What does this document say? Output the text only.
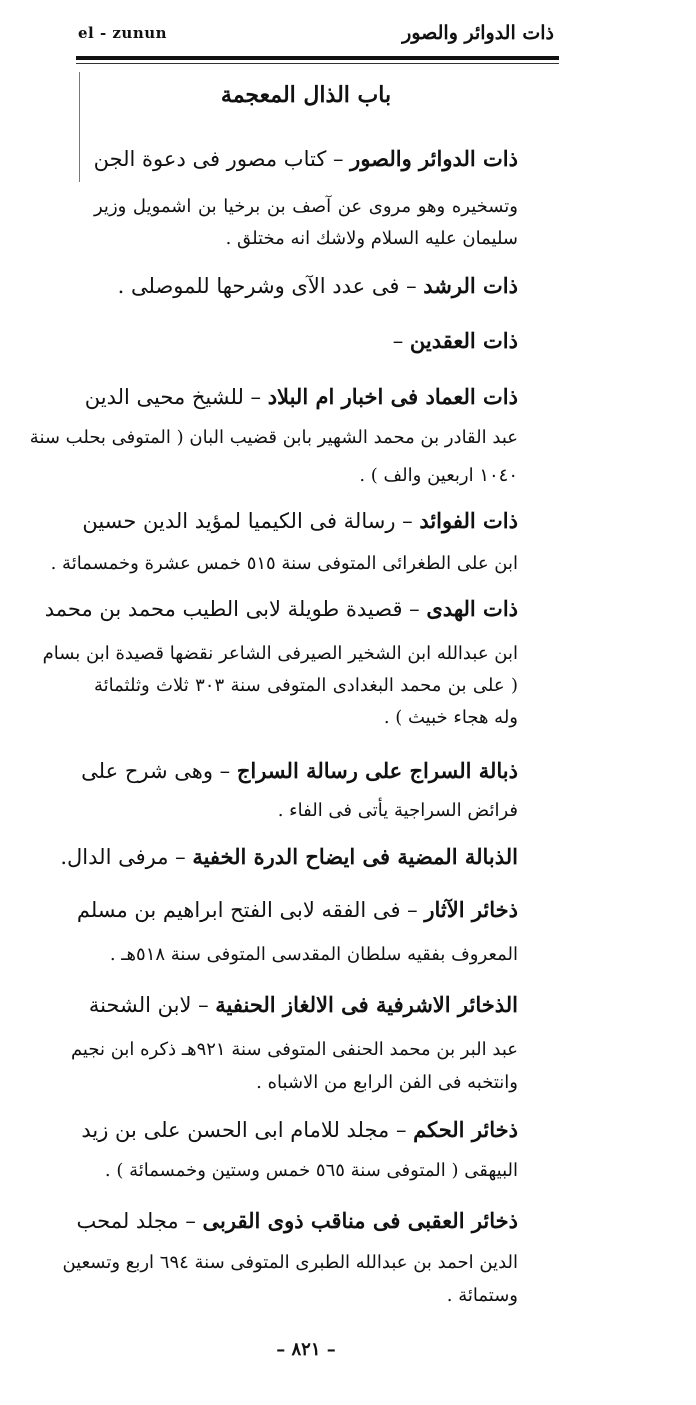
ذات الدوائر والصور
el - zunun
باب الذال المعجمة
ذات الدوائر والصور – كتاب مصور فى دعوة الجن
وتسخيره وهو مروى عن آصف بن برخيا بن اشمويل وزير
سليمان عليه السلام ولاشك انه مختلق .
ذات الرشد – فى عدد الآى وشرحها للموصلى .
ذات العقدين –
ذات العماد فى اخبار ام البلاد – للشيخ محيى الدين
عبد القادر بن محمد الشهير بابن قضيب البان ( المتوفى بحلب سنة
١٠٤٠ اربعين والف ) .
ذات الفوائد – رسالة فى الكيميا لمؤيد الدين حسين
ابن على الطغرائى المتوفى سنة ٥١٥ خمس عشرة وخمسمائة .
ذات الهدى – قصيدة طويلة لابى الطيب محمد بن محمد
ابن عبدالله ابن الشخير الصيرفى الشاعر نقضها قصيدة ابن بسام
( على بن محمد البغدادى المتوفى سنة ٣٠٣ ثلاث وثلثمائة
وله هجاء خبيث ) .
ذبالة السراج على رسالة السراج – وهى شرح على
فرائض السراجية يأتى فى الفاء .
الذبالة المضية فى ايضاح الدرة الخفية – مرفى الدال.
ذخائر الآثار – فى الفقه لابى الفتح ابراهيم بن مسلم
المعروف بفقيه سلطان المقدسى المتوفى سنة ٥١٨هـ .
الذخائر الاشرفية فى الالغاز الحنفية – لابن الشحنة
عبد البر بن محمد الحنفى المتوفى سنة ٩٢١هـ ذكره ابن نجيم
وانتخبه فى الفن الرابع من الاشباه .
ذخائر الحكم – مجلد للامام ابى الحسن على بن زيد
البيهقى ( المتوفى سنة ٥٦٥ خمس وستين وخمسمائة ) .
ذخائر العقبى فى مناقب ذوى القربى – مجلد لمحب
الدين احمد بن عبدالله الطبرى المتوفى سنة ٦٩٤ اربع وتسعين
وستمائة .
– ٨٢١ –
